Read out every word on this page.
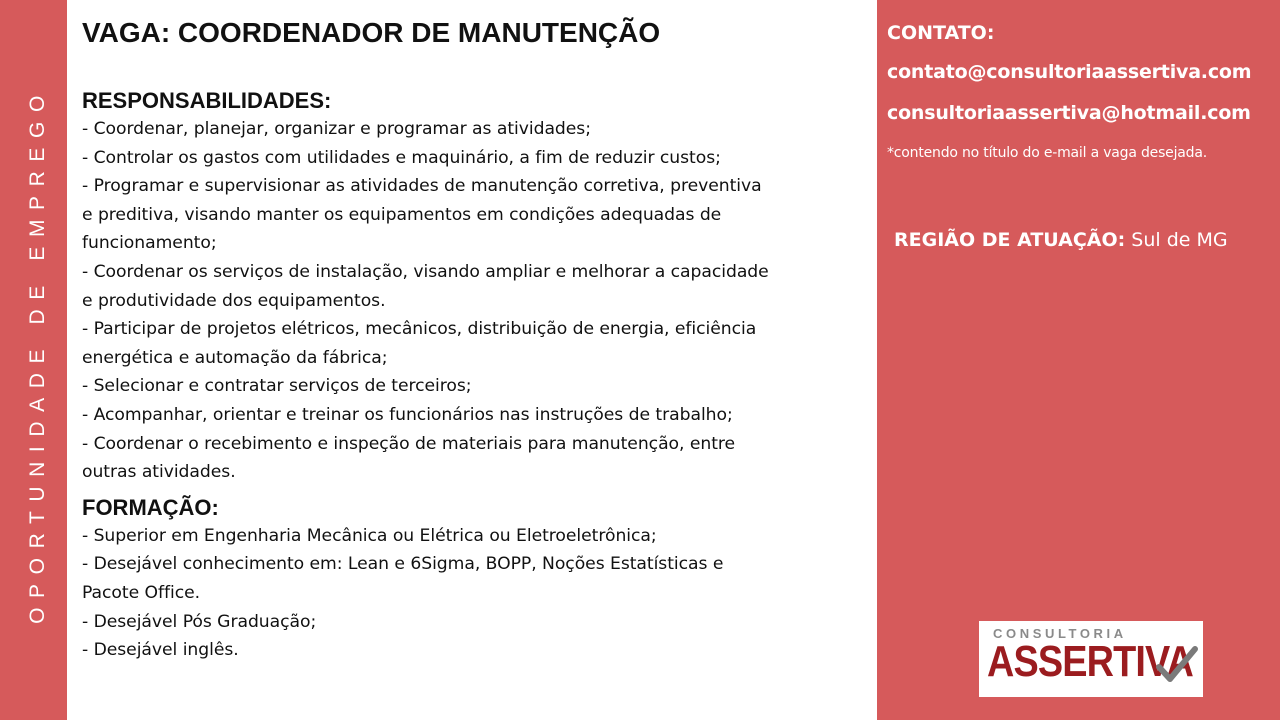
OPORTUNIDADE DE EMPREGO
VAGA: COORDENADOR DE MANUTENÇÃO
RESPONSABILIDADES:

- Coordenar, planejar, organizar e programar as atividades;

- Controlar os gastos com utilidades e maquinário, a fim de reduzir custos;

- Programar e supervisionar as atividades de manutenção corretiva, preventiva

e preditiva, visando manter os equipamentos em condições adequadas de

funcionamento;

- Coordenar os serviços de instalação, visando ampliar e melhorar a capacidade

e produtividade dos equipamentos.

- Participar de projetos elétricos, mecânicos, distribuição de energia, eficiência

energética e automação da fábrica;

- Selecionar e contratar serviços de terceiros;

- Acompanhar, orientar e treinar os funcionários nas instruções de trabalho;

- Coordenar o recebimento e inspeção de materiais para manutenção, entre

outras atividades.

FORMAÇÃO:

- Superior em Engenharia Mecânica ou Elétrica ou Eletroeletrônica;

- Desejável conhecimento em: Lean e 6Sigma, BOPP, Noções Estatísticas e

Pacote Office.

- Desejável Pós Graduação;

- Desejável inglês.

CONTATO:
contato@consultoriaassertiva.com
consultoriaassertiva@hotmail.com
*contendo no título do e-mail a vaga desejada.
REGIÃO DE ATUAÇÃO: Sul de MG
CONSULTORIA
ASSERTIVA
